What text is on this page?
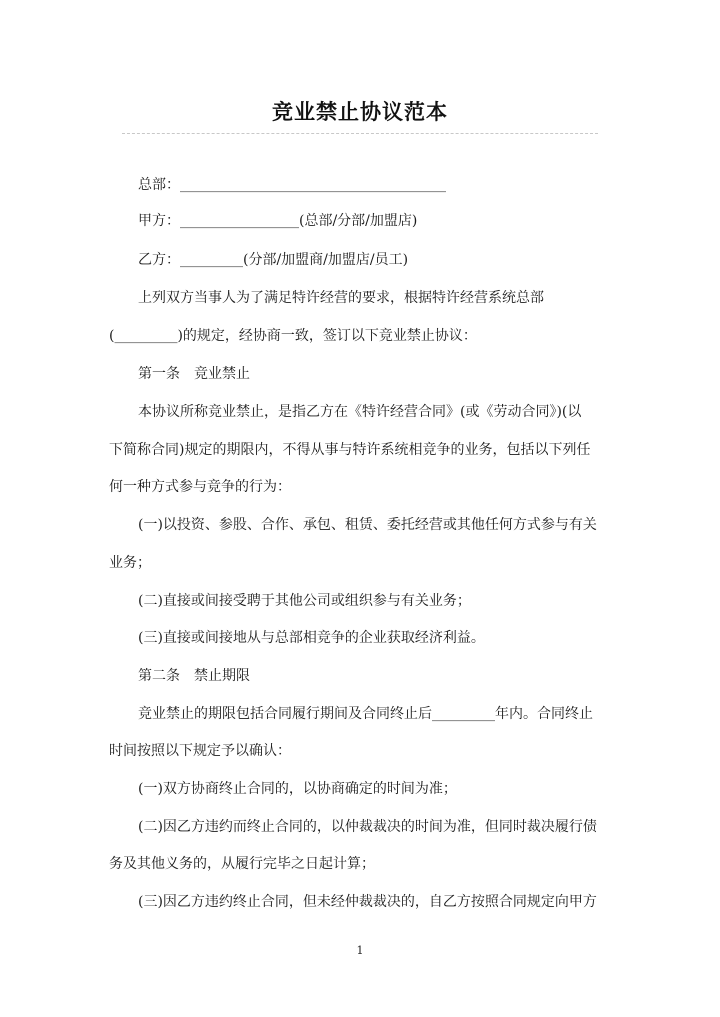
竞业禁止协议范本
总部：______________________________________
甲方：_________________(总部/分部/加盟店)
乙方：_________(分部/加盟商/加盟店/员工)
上列双方当事人为了满足特许经营的要求，根据特许经营系统总部
(_________)的规定，经协商一致，签订以下竞业禁止协议：
第一条　竞业禁止
本协议所称竞业禁止，是指乙方在《特许经营合同》(或《劳动合同》)(以
下简称合同)规定的期限内，不得从事与特许系统相竞争的业务，包括以下列任
何一种方式参与竞争的行为：
(一)以投资、参股、合作、承包、租赁、委托经营或其他任何方式参与有关
业务；
(二)直接或间接受聘于其他公司或组织参与有关业务；
(三)直接或间接地从与总部相竞争的企业获取经济利益。
第二条　禁止期限
竞业禁止的期限包括合同履行期间及合同终止后_________年内。合同终止
时间按照以下规定予以确认：
(一)双方协商终止合同的，以协商确定的时间为准；
(二)因乙方违约而终止合同的，以仲裁裁决的时间为准，但同时裁决履行债
务及其他义务的，从履行完毕之日起计算；
(三)因乙方违约终止合同，但未经仲裁裁决的，自乙方按照合同规定向甲方
1
